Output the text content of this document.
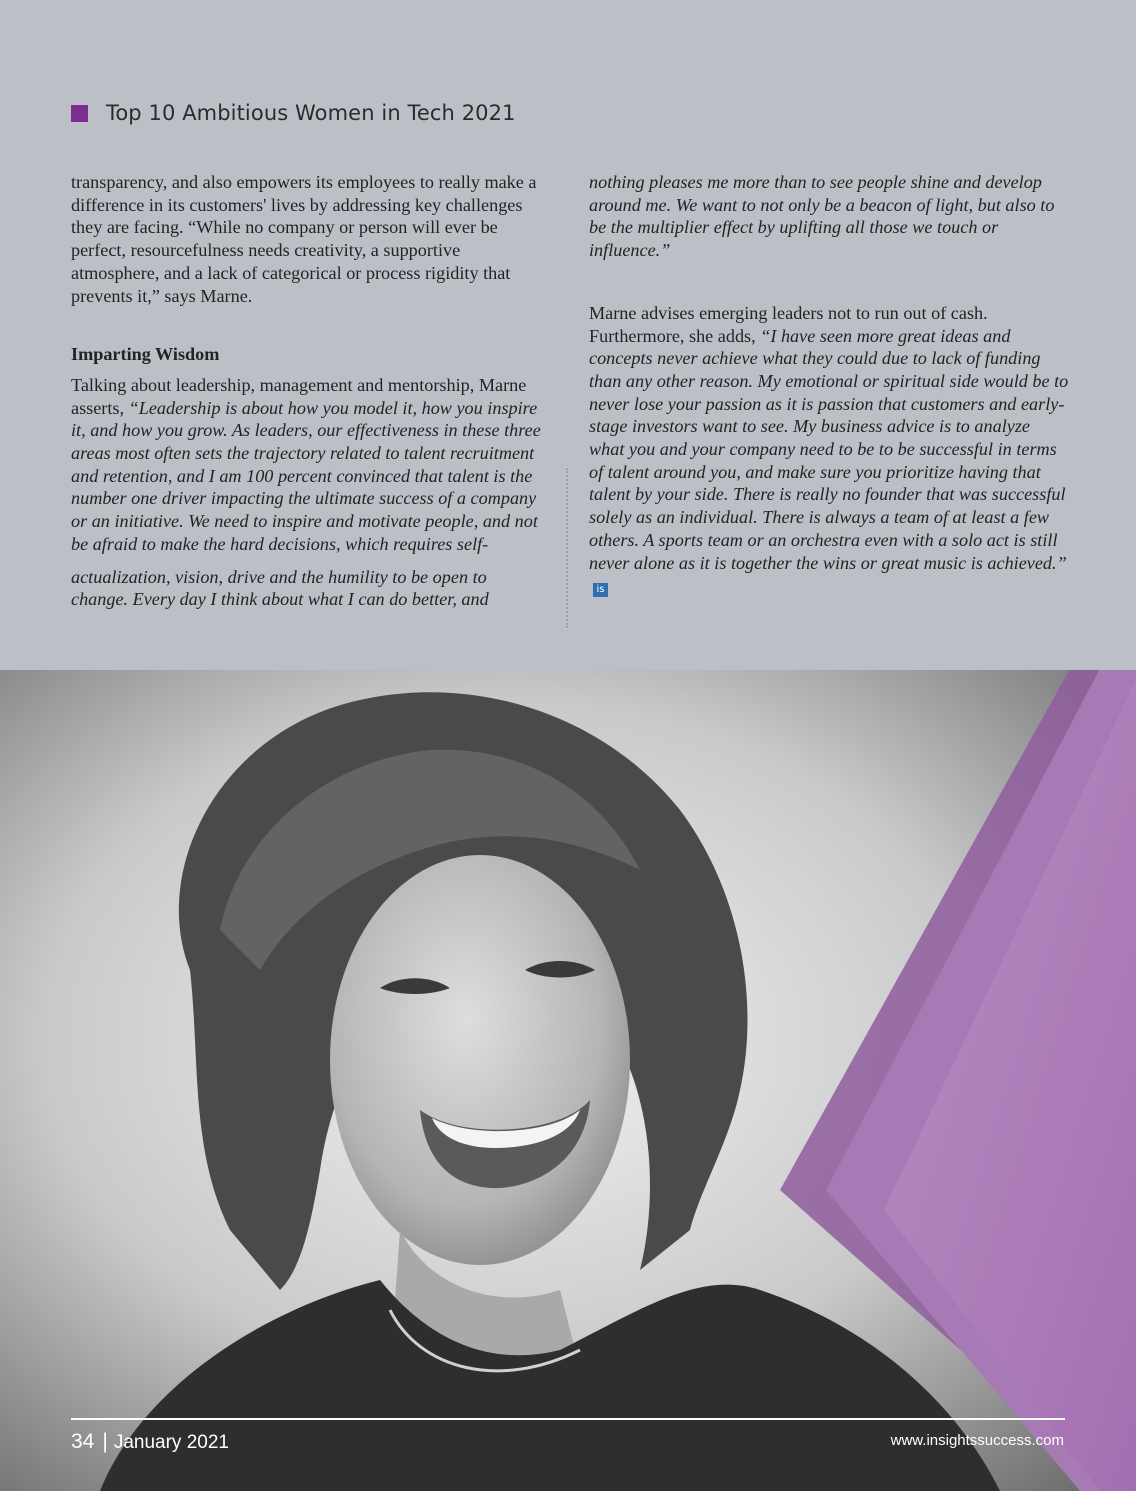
Top 10 Ambitious Women in Tech 2021

transparency, and also empowers its employees to really make a difference in its customers' lives by addressing key challenges they are facing. “While no company or person will ever be perfect, resourcefulness needs creativity, a supportive atmosphere, and a lack of categorical or process rigidity that prevents it,” says Marne.

Imparting Wisdom

Talking about leadership, management and mentorship, Marne asserts, “Leadership is about how you model it, how you inspire it, and how you grow. As leaders, our effectiveness in these three areas most often sets the trajectory related to talent recruitment and retention, and I am 100 percent convinced that talent is the number one driver impacting the ultimate success of a company or an initiative. We need to inspire and motivate people, and not be afraid to make the hard decisions, which requires self-

actualization, vision, drive and the humility to be open to change. Every day I think about what I can do better, and

nothing pleases me more than to see people shine and develop around me. We want to not only be a beacon of light, but also to be the multiplier effect by uplifting all those we touch or influence.”

Marne advises emerging leaders not to run out of cash. Furthermore, she adds, “I have seen more great ideas and concepts never achieve what they could due to lack of funding than any other reason. My emotional or spiritual side would be to never lose your passion as it is passion that customers and early-stage investors want to see. My business advice is to analyze what you and your company need to be to be successful in terms of talent around you, and make sure you prioritize having that talent by your side. There is really no founder that was successful solely as an individual. There is always a team of at least a few others. A sports team or an orchestra even with a solo act is still never alone as it is together the wins or great music is achieved.”is

34 | January 2021	www.insightssuccess.com
